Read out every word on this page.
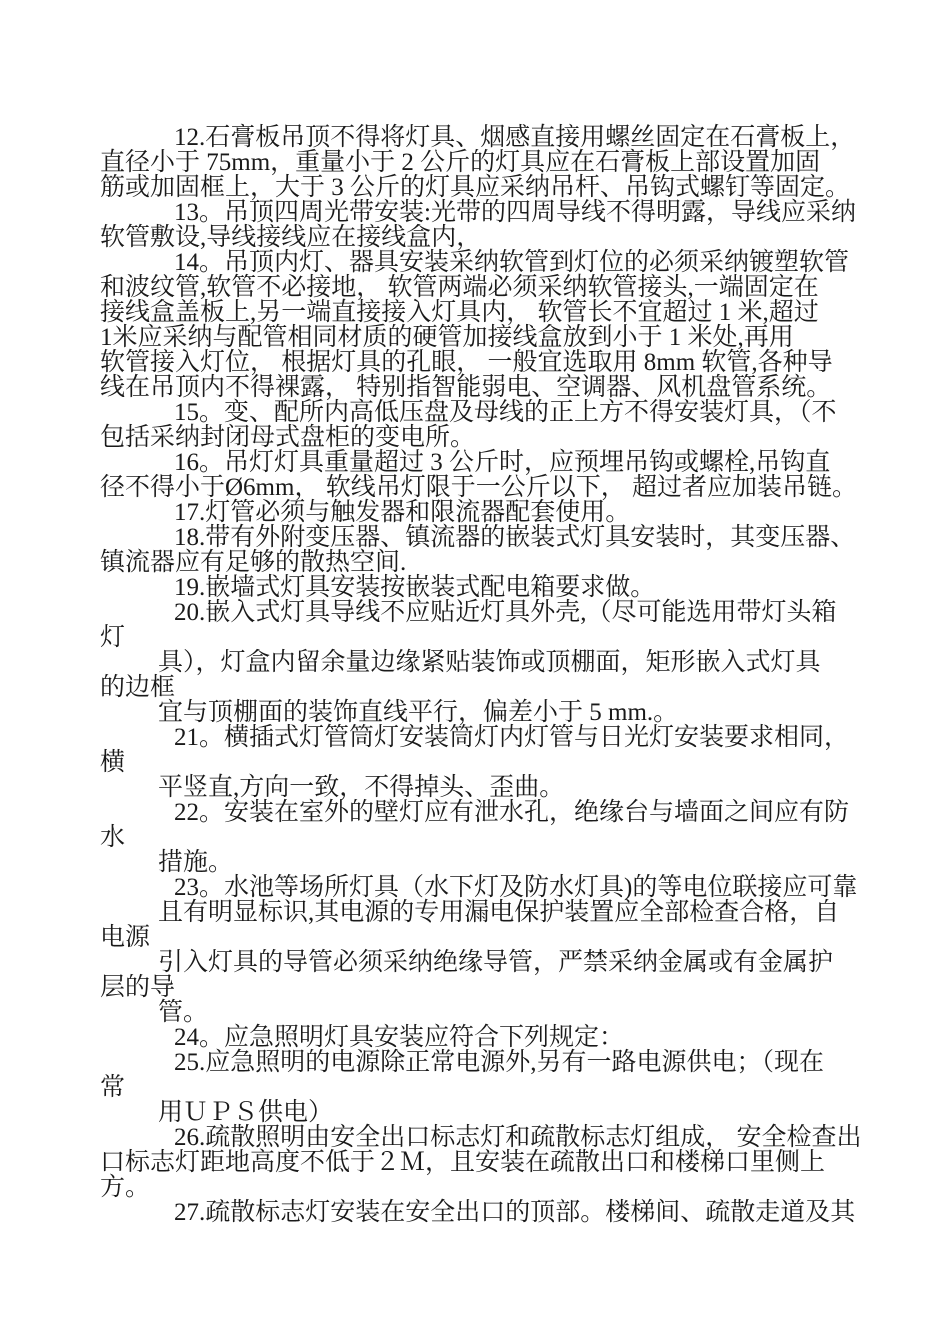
12.石膏板吊顶不得将灯具、烟感直接用螺丝固定在石膏板上，
直径小于 75mm，重量小于 2 公斤的灯具应在石膏板上部设置加固
筋或加固框上，大于 3 公斤的灯具应采纳吊杆、吊钩式螺钉等固定。
13。吊顶四周光带安装:光带的四周导线不得明露，导线应采纳
软管敷设,导线接线应在接线盒内，
14。吊顶内灯、器具安装采纳软管到灯位的必须采纳镀塑软管
和波纹管,软管不必接地， 软管两端必须采纳软管接头,一端固定在
接线盒盖板上,另一端直接接入灯具内， 软管长不宜超过 1 米,超过
1米应采纳与配管相同材质的硬管加接线盒放到小于 1 米处,再用
软管接入灯位， 根据灯具的孔眼， 一般宜选取用 8mm 软管,各种导
线在吊顶内不得裸露， 特别指智能弱电、空调器、风机盘管系统。
15。变、配所内高低压盘及母线的正上方不得安装灯具，（不
包括采纳封闭母式盘柜的变电所。
16。吊灯灯具重量超过 3 公斤时，应预埋吊钩或螺栓,吊钩直
径不得小于Ø6mm， 软线吊灯限于一公斤以下， 超过者应加装吊链。
17.灯管必须与触发器和限流器配套使用。
18.带有外附变压器、镇流器的嵌装式灯具安装时，其变压器、
镇流器应有足够的散热空间.
19.嵌墙式灯具安装按嵌装式配电箱要求做。
20.嵌入式灯具导线不应贴近灯具外壳,（尽可能选用带灯头箱
灯
具），灯盒内留余量边缘紧贴装饰或顶棚面，矩形嵌入式灯具
的边框
宜与顶棚面的装饰直线平行，偏差小于 5 mm.。
21。横插式灯管筒灯安装筒灯内灯管与日光灯安装要求相同，
横
平竖直,方向一致，不得掉头、歪曲。
22。安装在室外的壁灯应有泄水孔，绝缘台与墙面之间应有防
水
措施。
23。水池等场所灯具（水下灯及防水灯具)的等电位联接应可靠
且有明显标识,其电源的专用漏电保护装置应全部检查合格，自
电源
引入灯具的导管必须采纳绝缘导管，严禁采纳金属或有金属护
层的导
管。
24。应急照明灯具安装应符合下列规定：
25.应急照明的电源除正常电源外,另有一路电源供电；（现在
常
用ＵＰＳ供电）
26.疏散照明由安全出口标志灯和疏散标志灯组成， 安全检查出
口标志灯距地高度不低于２Ｍ，且安装在疏散出口和楼梯口里侧上
方。
27.疏散标志灯安装在安全出口的顶部。楼梯间、疏散走道及其
